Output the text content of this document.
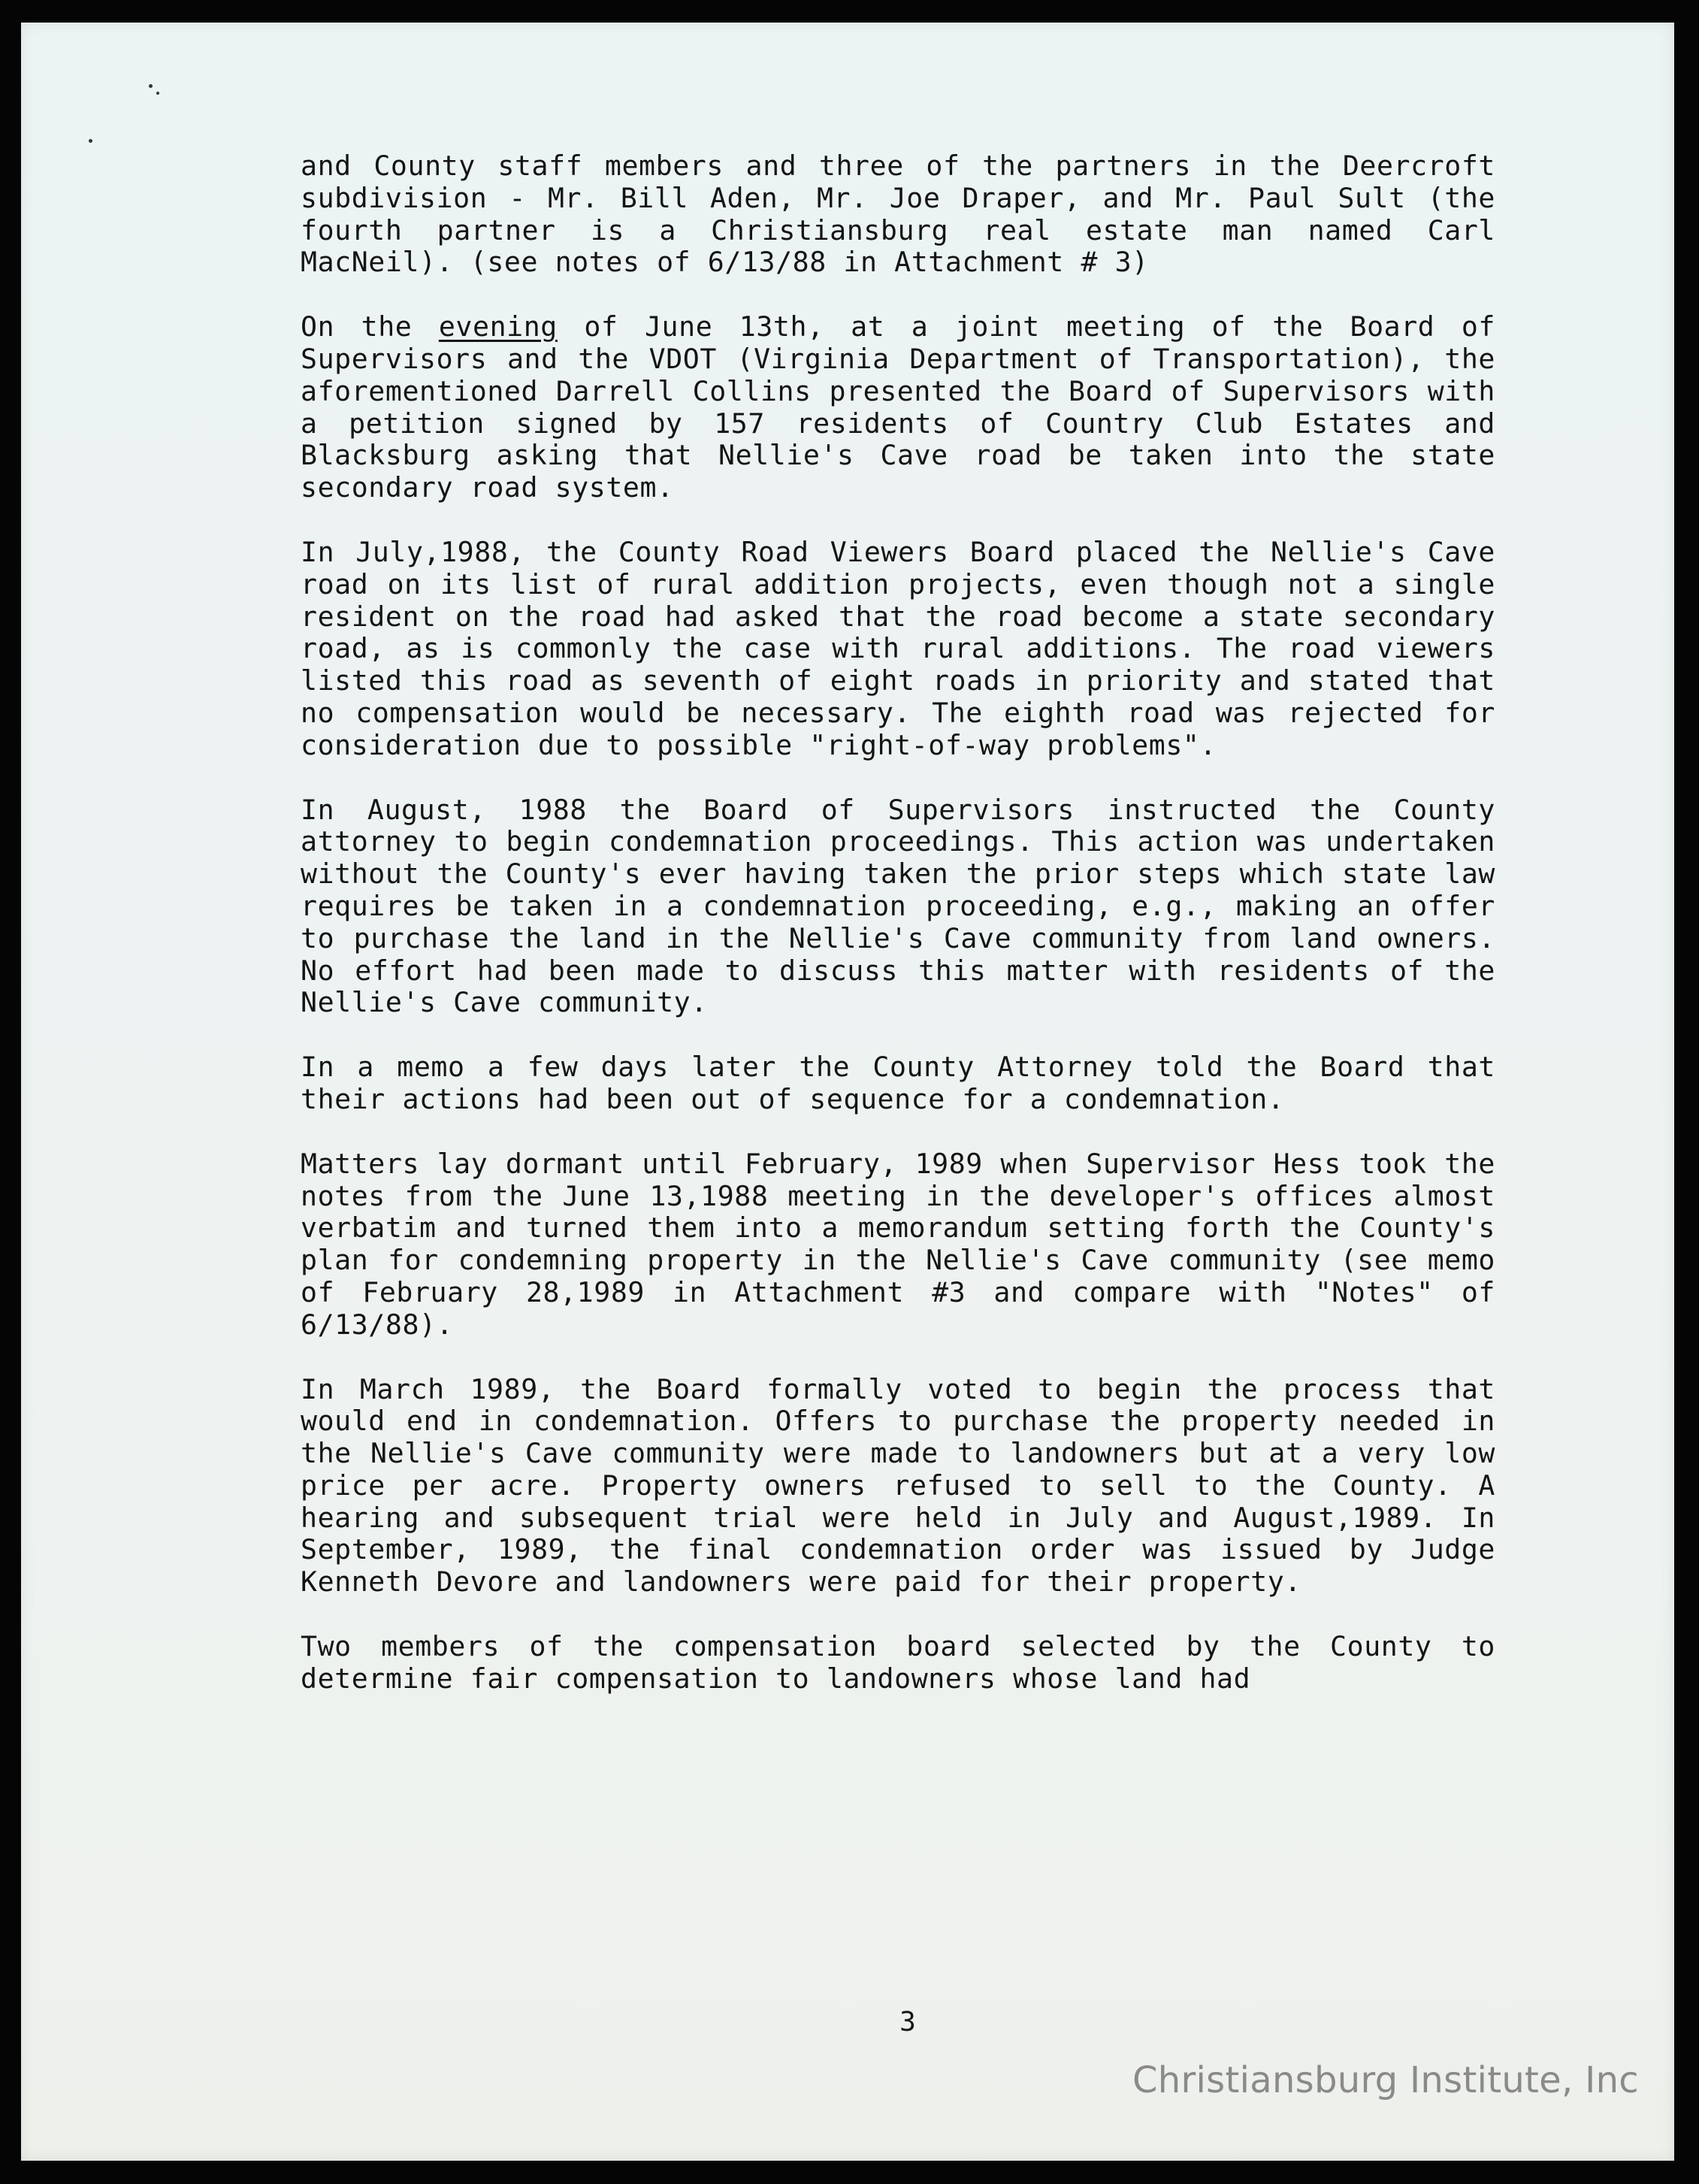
and County staff members and three of the partners in the Deercroft subdivision - Mr. Bill Aden, Mr. Joe Draper, and Mr. Paul Sult (the fourth partner is a Christiansburg real estate man named Carl MacNeil). (see notes of 6/13/88 in Attachment # 3)

On the evening of June 13th, at a joint meeting of the Board of Supervisors and the VDOT (Virginia Department of Transportation), the aforementioned Darrell Collins presented the Board of Supervisors with a petition signed by 157 residents of Country Club Estates and Blacksburg asking that Nellie's Cave road be taken into the state secondary road system.

In July,1988, the County Road Viewers Board placed the Nellie's Cave road on its list of rural addition projects, even though not a single resident on the road had asked that the road become a state secondary road, as is commonly the case with rural additions. The road viewers listed this road as seventh of eight roads in priority and stated that no compensation would be necessary. The eighth road was rejected for consideration due to possible "right-of-way problems".

In August, 1988 the Board of Supervisors instructed the County attorney to begin condemnation proceedings. This action was undertaken without the County's ever having taken the prior steps which state law requires be taken in a condemnation proceeding, e.g., making an offer to purchase the land in the Nellie's Cave community from land owners. No effort had been made to discuss this matter with residents of the Nellie's Cave community.

In a memo a few days later the County Attorney told the Board that their actions had been out of sequence for a condemnation.

Matters lay dormant until February, 1989 when Supervisor Hess took the notes from the June 13,1988 meeting in the developer's offices almost verbatim and turned them into a memorandum setting forth the County's plan for condemning property in the Nellie's Cave community (see memo of February 28,1989 in Attachment #3 and compare with "Notes" of 6/13/88).

In March 1989, the Board formally voted to begin the process that would end in condemnation. Offers to purchase the property needed in the Nellie's Cave community were made to landowners but at a very low price per acre. Property owners refused to sell to the County. A hearing and subsequent trial were held in July and August,1989. In September, 1989, the final condemnation order was issued by Judge Kenneth Devore and landowners were paid for their property.

Two members of the compensation board selected by the County to determine fair compensation to landowners whose land had

3
Christiansburg Institute, Inc
